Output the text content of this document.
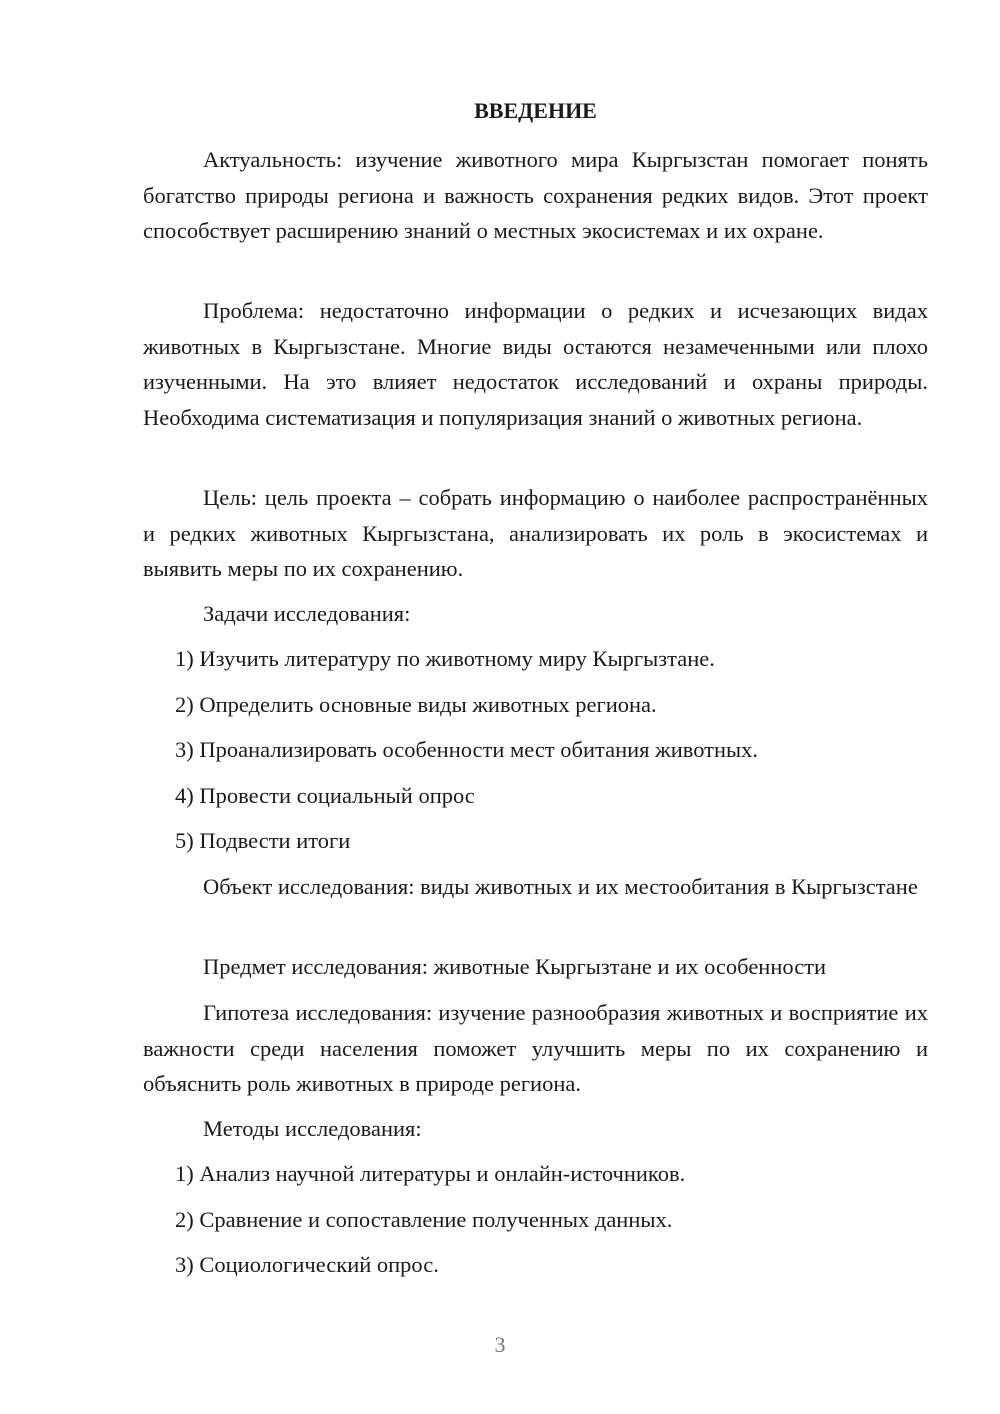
ВВЕДЕНИЕ

Актуальность: изучение животного мира Кыргызстан помогает понять богатство природы региона и важность сохранения редких видов. Этот проект способствует расширению знаний о местных экосистемах и их охране.

Проблема: недостаточно информации о редких и исчезающих видах животных в Кыргызстане. Многие виды остаются незамеченными или плохо изученными. На это влияет недостаток исследований и охраны природы. Необходима систематизация и популяризация знаний о животных региона.

Цель: цель проекта – собрать информацию о наиболее распространённых и редких животных Кыргызстана, анализировать их роль в экосистемах и выявить меры по их сохранению.

Задачи исследования:

1) Изучить литературу по животному миру Кыргызтане.

2) Определить основные виды животных региона.

3) Проанализировать особенности мест обитания животных.

4) Провести социальный опрос

5) Подвести итоги

Объект исследования: виды животных и их местообитания в Кыргызстане

Предмет исследования: животные Кыргызтане и их особенности

Гипотеза исследования: изучение разнообразия животных и восприятие их важности среди населения поможет улучшить меры по их сохранению и объяснить роль животных в природе региона.

Методы исследования:

1) Анализ научной литературы и онлайн-источников.

2) Сравнение и сопоставление полученных данных.

3) Социологический опрос.

3
